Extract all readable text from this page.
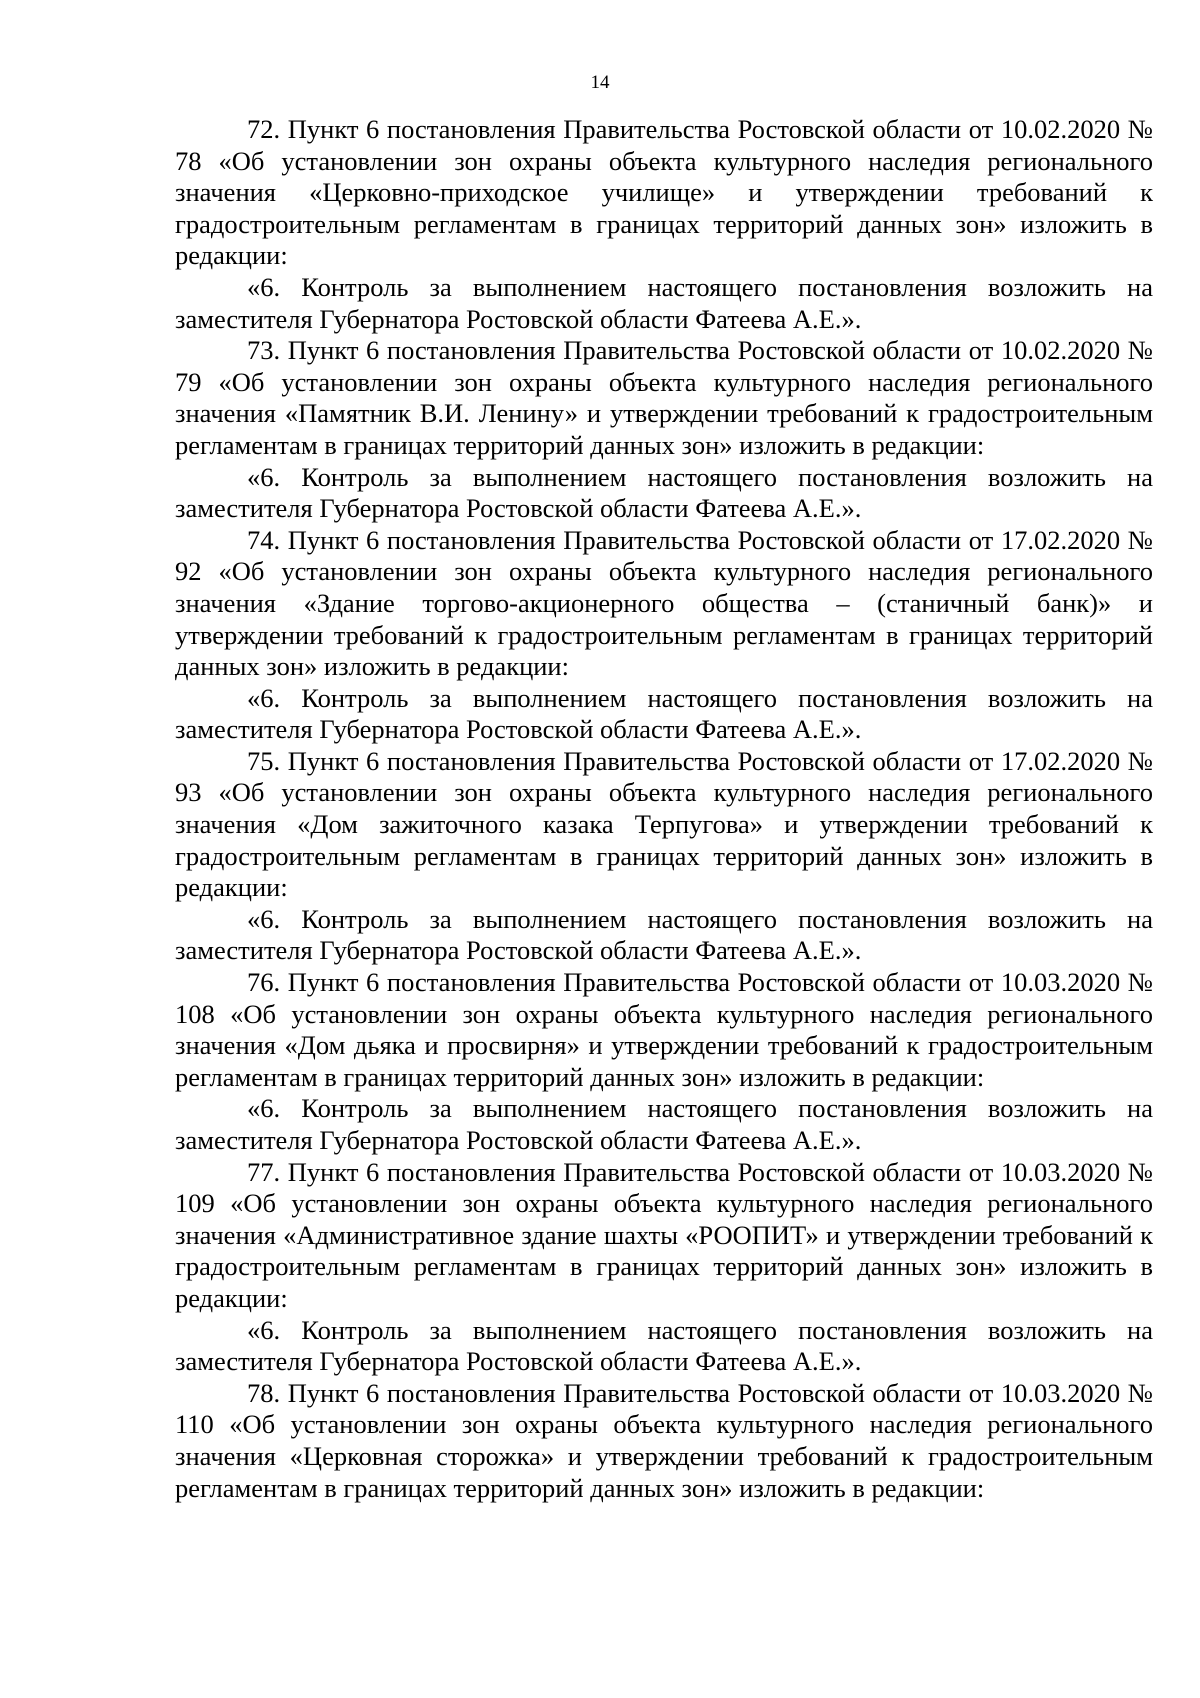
14

72. Пункт 6 постановления Правительства Ростовской области от 10.02.2020 № 78 «Об установлении зон охраны объекта культурного наследия регионального значения «Церковно-приходское училище» и утверждении требований к градостроительным регламентам в границах территорий данных зон» изложить в редакции:

«6. Контроль за выполнением настоящего постановления возложить на заместителя Губернатора Ростовской области Фатеева А.Е.».

73. Пункт 6 постановления Правительства Ростовской области от 10.02.2020 № 79 «Об установлении зон охраны объекта культурного наследия регионального значения «Памятник В.И. Ленину» и утверждении требований к градостроительным регламентам в границах территорий данных зон» изложить в редакции:

«6. Контроль за выполнением настоящего постановления возложить на заместителя Губернатора Ростовской области Фатеева А.Е.».

74. Пункт 6 постановления Правительства Ростовской области от 17.02.2020 № 92 «Об установлении зон охраны объекта культурного наследия регионального значения «Здание торгово-акционерного общества – (станичный банк)» и утверждении требований к градостроительным регламентам в границах территорий данных зон» изложить в редакции:

«6. Контроль за выполнением настоящего постановления возложить на заместителя Губернатора Ростовской области Фатеева А.Е.».

75. Пункт 6 постановления Правительства Ростовской области от 17.02.2020 № 93 «Об установлении зон охраны объекта культурного наследия регионального значения «Дом зажиточного казака Терпугова» и утверждении требований к градостроительным регламентам в границах территорий данных зон» изложить в редакции:

«6. Контроль за выполнением настоящего постановления возложить на заместителя Губернатора Ростовской области Фатеева А.Е.».

76. Пункт 6 постановления Правительства Ростовской области от 10.03.2020 № 108 «Об установлении зон охраны объекта культурного наследия регионального значения «Дом дьяка и просвирня» и утверждении требований к градостроительным регламентам в границах территорий данных зон» изложить в редакции:

«6. Контроль за выполнением настоящего постановления возложить на заместителя Губернатора Ростовской области Фатеева А.Е.».

77. Пункт 6 постановления Правительства Ростовской области от 10.03.2020 № 109 «Об установлении зон охраны объекта культурного наследия регионального значения «Административное здание шахты «РООПИТ» и утверждении требований к градостроительным регламентам в границах территорий данных зон» изложить в редакции:

«6. Контроль за выполнением настоящего постановления возложить на заместителя Губернатора Ростовской области Фатеева А.Е.».

78. Пункт 6 постановления Правительства Ростовской области от 10.03.2020 № 110 «Об установлении зон охраны объекта культурного наследия регионального значения «Церковная сторожка» и утверждении требований к градостроительным регламентам в границах территорий данных зон» изложить в редакции:
